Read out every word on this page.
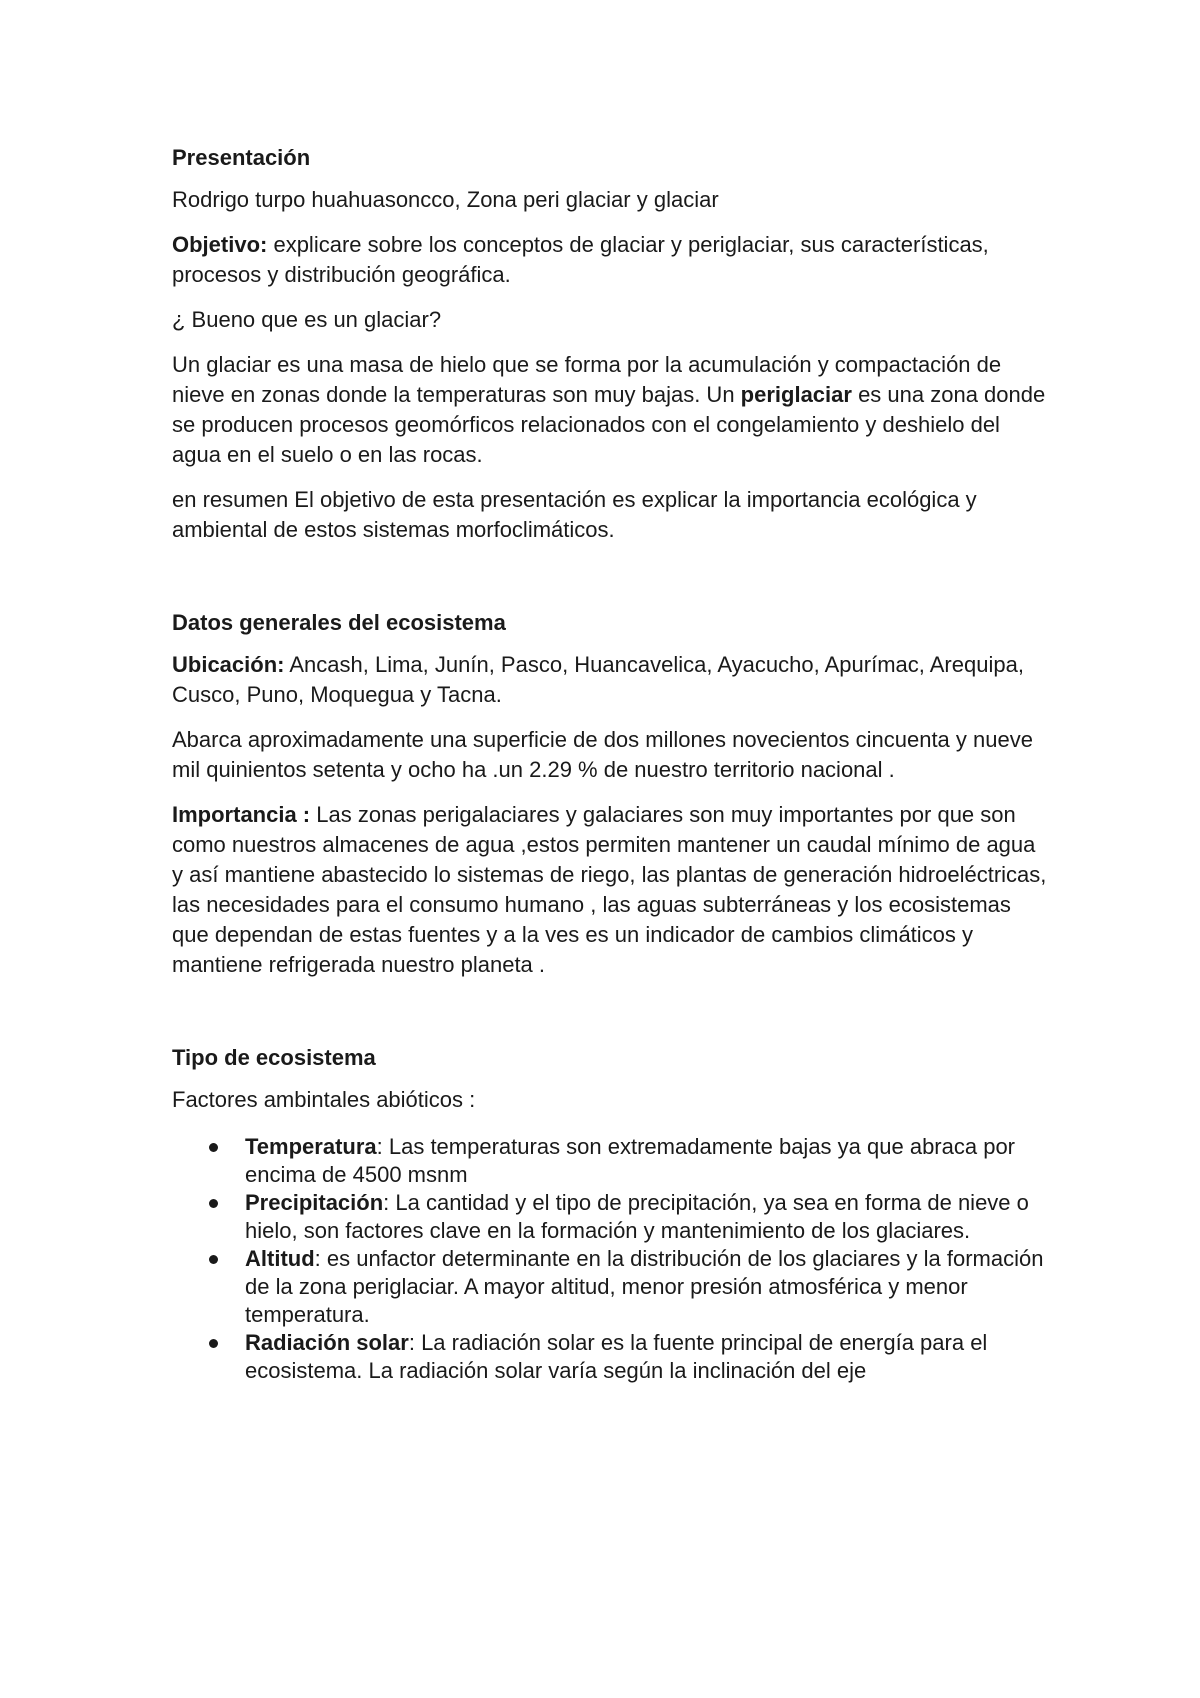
Presentación
Rodrigo turpo huahuasoncco, Zona peri glaciar y glaciar
Objetivo: explicare sobre los conceptos de glaciar y periglaciar, sus características, procesos y distribución geográfica.
¿ Bueno que es un glaciar?
Un glaciar es una masa de hielo que se forma por la acumulación y compactación de nieve en zonas donde la temperaturas son muy bajas. Un periglaciar es una zona donde se producen procesos geomórficos relacionados con el congelamiento y deshielo del agua en el suelo o en las rocas.
en resumen El objetivo de esta presentación es explicar la importancia ecológica y ambiental de estos sistemas morfoclimáticos.
Datos generales del ecosistema
Ubicación: Ancash, Lima, Junín, Pasco, Huancavelica, Ayacucho, Apurímac, Arequipa, Cusco, Puno, Moquegua y Tacna.
Abarca aproximadamente una superficie de dos millones novecientos cincuenta y nueve mil quinientos setenta y ocho ha .un 2.29 % de nuestro territorio nacional .
Importancia : Las zonas perigalaciares y galaciares son muy importantes por que son como nuestros almacenes de agua ,estos permiten mantener un caudal mínimo de agua y así mantiene abastecido lo sistemas de riego, las plantas de generación hidroeléctricas, las necesidades para el consumo humano , las aguas subterráneas y los ecosistemas que dependan de estas fuentes y a la ves es un indicador de cambios climáticos y mantiene refrigerada nuestro planeta .
Tipo de ecosistema
Factores ambintales abióticos :
Temperatura: Las temperaturas son extremadamente bajas ya que abraca por encima de 4500 msnm
Precipitación: La cantidad y el tipo de precipitación, ya sea en forma de nieve o hielo, son factores clave en la formación y mantenimiento de los glaciares.
Altitud: es unfactor determinante en la distribución de los glaciares y la formación de la zona periglaciar. A mayor altitud, menor presión atmosférica y menor temperatura.
Radiación solar: La radiación solar es la fuente principal de energía para el ecosistema. La radiación solar varía según la inclinación del eje
